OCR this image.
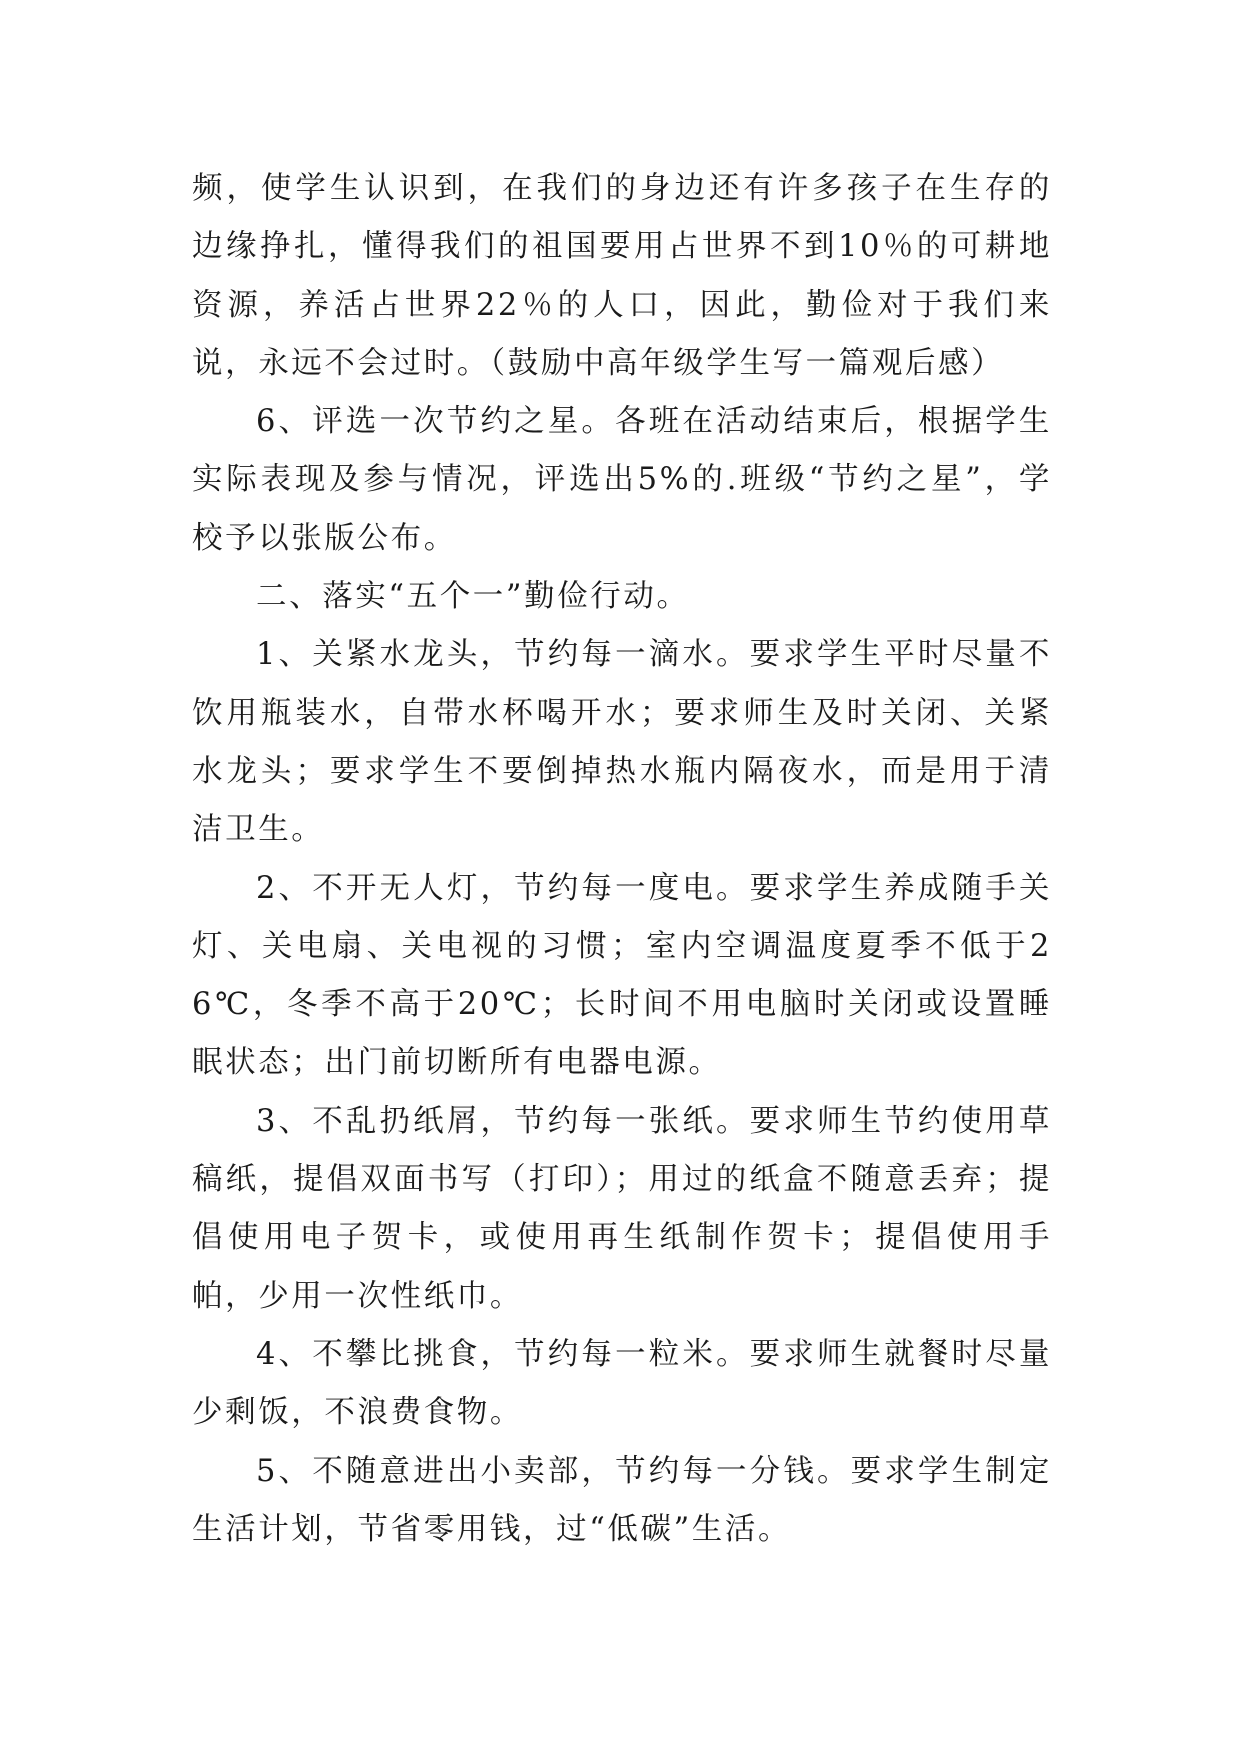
频，使学生认识到，在我们的身边还有许多孩子在生存的边缘挣扎，懂得我们的祖国要用占世界不到10％的可耕地资源，养活占世界22％的人口，因此，勤俭对于我们来说，永远不会过时。（鼓励中高年级学生写一篇观后感）

6、评选一次节约之星。各班在活动结束后，根据学生实际表现及参与情况，评选出5%的.班级“节约之星”，学校予以张版公布。

二、落实“五个一”勤俭行动。

1、关紧水龙头，节约每一滴水。要求学生平时尽量不饮用瓶装水，自带水杯喝开水；要求师生及时关闭、关紧水龙头；要求学生不要倒掉热水瓶内隔夜水，而是用于清洁卫生。

2、不开无人灯，节约每一度电。要求学生养成随手关灯、关电扇、关电视的习惯；室内空调温度夏季不低于26℃，冬季不高于20℃；长时间不用电脑时关闭或设置睡眠状态；出门前切断所有电器电源。

3、不乱扔纸屑，节约每一张纸。要求师生节约使用草稿纸，提倡双面书写（打印）；用过的纸盒不随意丢弃；提倡使用电子贺卡，或使用再生纸制作贺卡；提倡使用手帕，少用一次性纸巾。

4、不攀比挑食，节约每一粒米。要求师生就餐时尽量少剩饭，不浪费食物。

5、不随意进出小卖部，节约每一分钱。要求学生制定生活计划，节省零用钱，过“低碳”生活。
